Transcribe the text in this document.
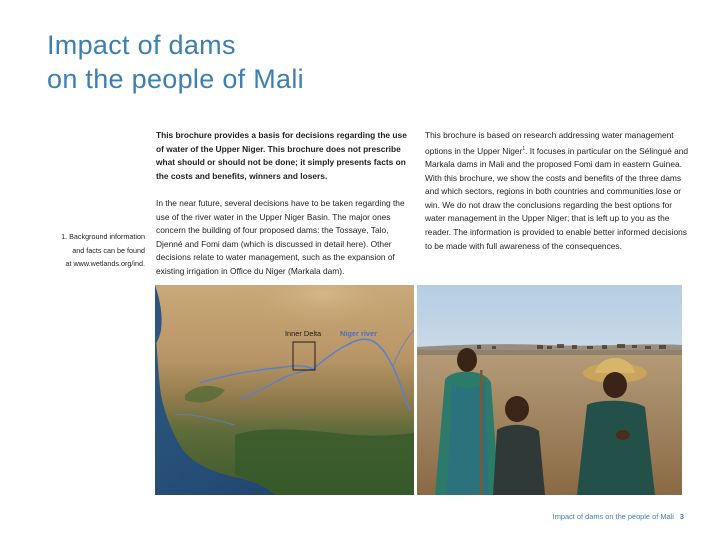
Impact of dams
on the people of Mali

This brochure provides a basis for decisions regarding the use of water of the Upper Niger. This brochure does not prescribe what should or should not be done; it simply presents facts on the costs and benefits, winners and losers.

In the near future, several decisions have to be taken regarding the use of the river water in the Upper Niger Basin. The major ones concern the building of four proposed dams: the Tossaye, Talo, Djenné and Fomi dam (which is discussed in detail here). Other decisions relate to water management, such as the expansion of existing irrigation in Office du Niger (Markala dam).

This brochure is based on research addressing water management options in the Upper Niger$^1$. It focuses in particular on the Sélingué and Markala dams in Mali and the proposed Fomi dam in eastern Guinea. With this brochure, we show the costs and benefits of the three dams and which sectors, regions in both countries and communities lose or win. We do not draw the conclusions regarding the best options for water management in the Upper Niger; that is left up to you as the reader. The information is provided to enable better informed decisions to be made with full awareness of the consequences.

1. Background information

and facts can be found

at www.wetlands.org/ind.

Inner Delta	Niger river
Impact of dams on the people of Mali 3
